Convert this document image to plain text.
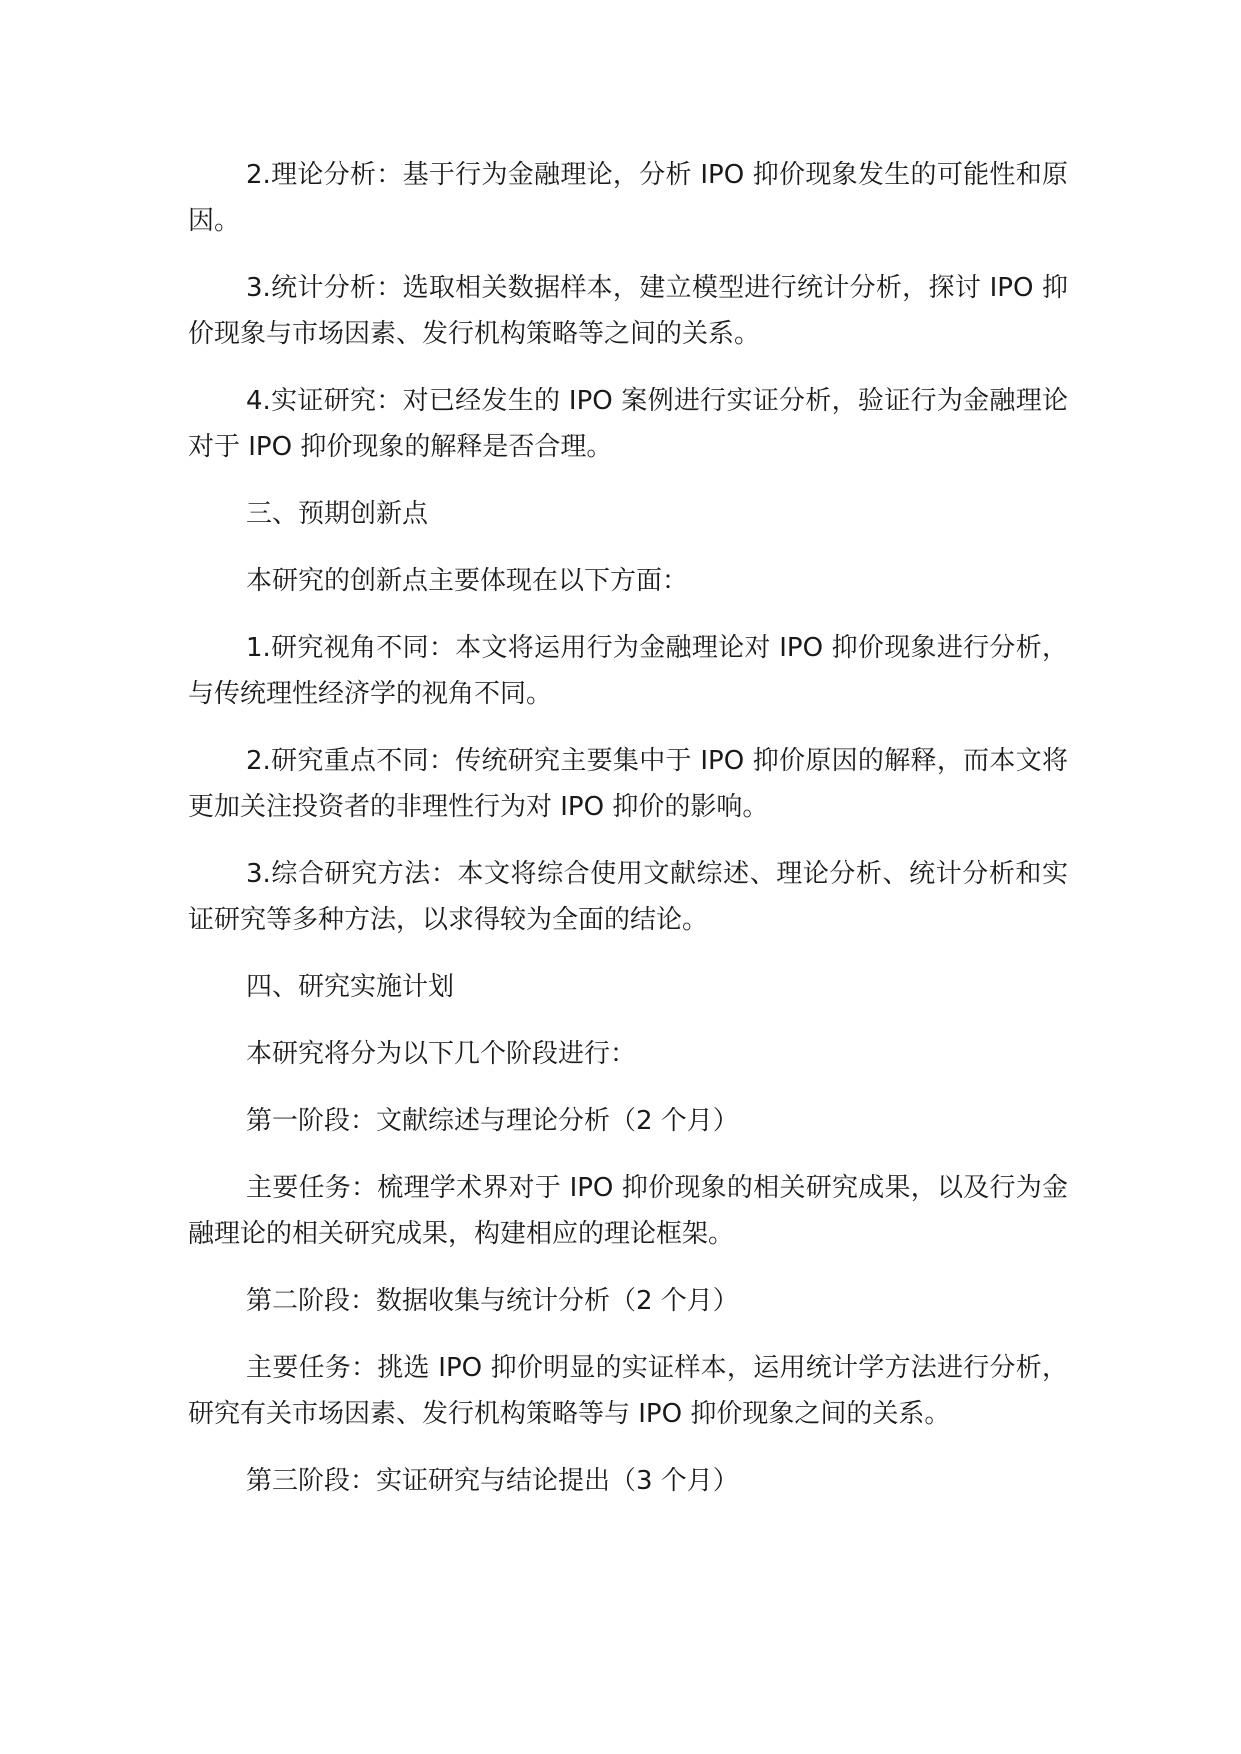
2.理论分析：基于行为金融理论，分析 IPO 抑价现象发生的可能性和原因。

3.统计分析：选取相关数据样本，建立模型进行统计分析，探讨 IPO 抑价现象与市场因素、发行机构策略等之间的关系。

4.实证研究：对已经发生的 IPO 案例进行实证分析，验证行为金融理论对于 IPO 抑价现象的解释是否合理。

三、预期创新点

本研究的创新点主要体现在以下方面：

1.研究视角不同：本文将运用行为金融理论对 IPO 抑价现象进行分析，与传统理性经济学的视角不同。

2.研究重点不同：传统研究主要集中于 IPO 抑价原因的解释，而本文将更加关注投资者的非理性行为对 IPO 抑价的影响。

3.综合研究方法：本文将综合使用文献综述、理论分析、统计分析和实证研究等多种方法，以求得较为全面的结论。

四、研究实施计划

本研究将分为以下几个阶段进行：

第一阶段：文献综述与理论分析（2 个月）

主要任务：梳理学术界对于 IPO 抑价现象的相关研究成果，以及行为金融理论的相关研究成果，构建相应的理论框架。

第二阶段：数据收集与统计分析（2 个月）

主要任务：挑选 IPO 抑价明显的实证样本，运用统计学方法进行分析，研究有关市场因素、发行机构策略等与 IPO 抑价现象之间的关系。

第三阶段：实证研究与结论提出（3 个月）
